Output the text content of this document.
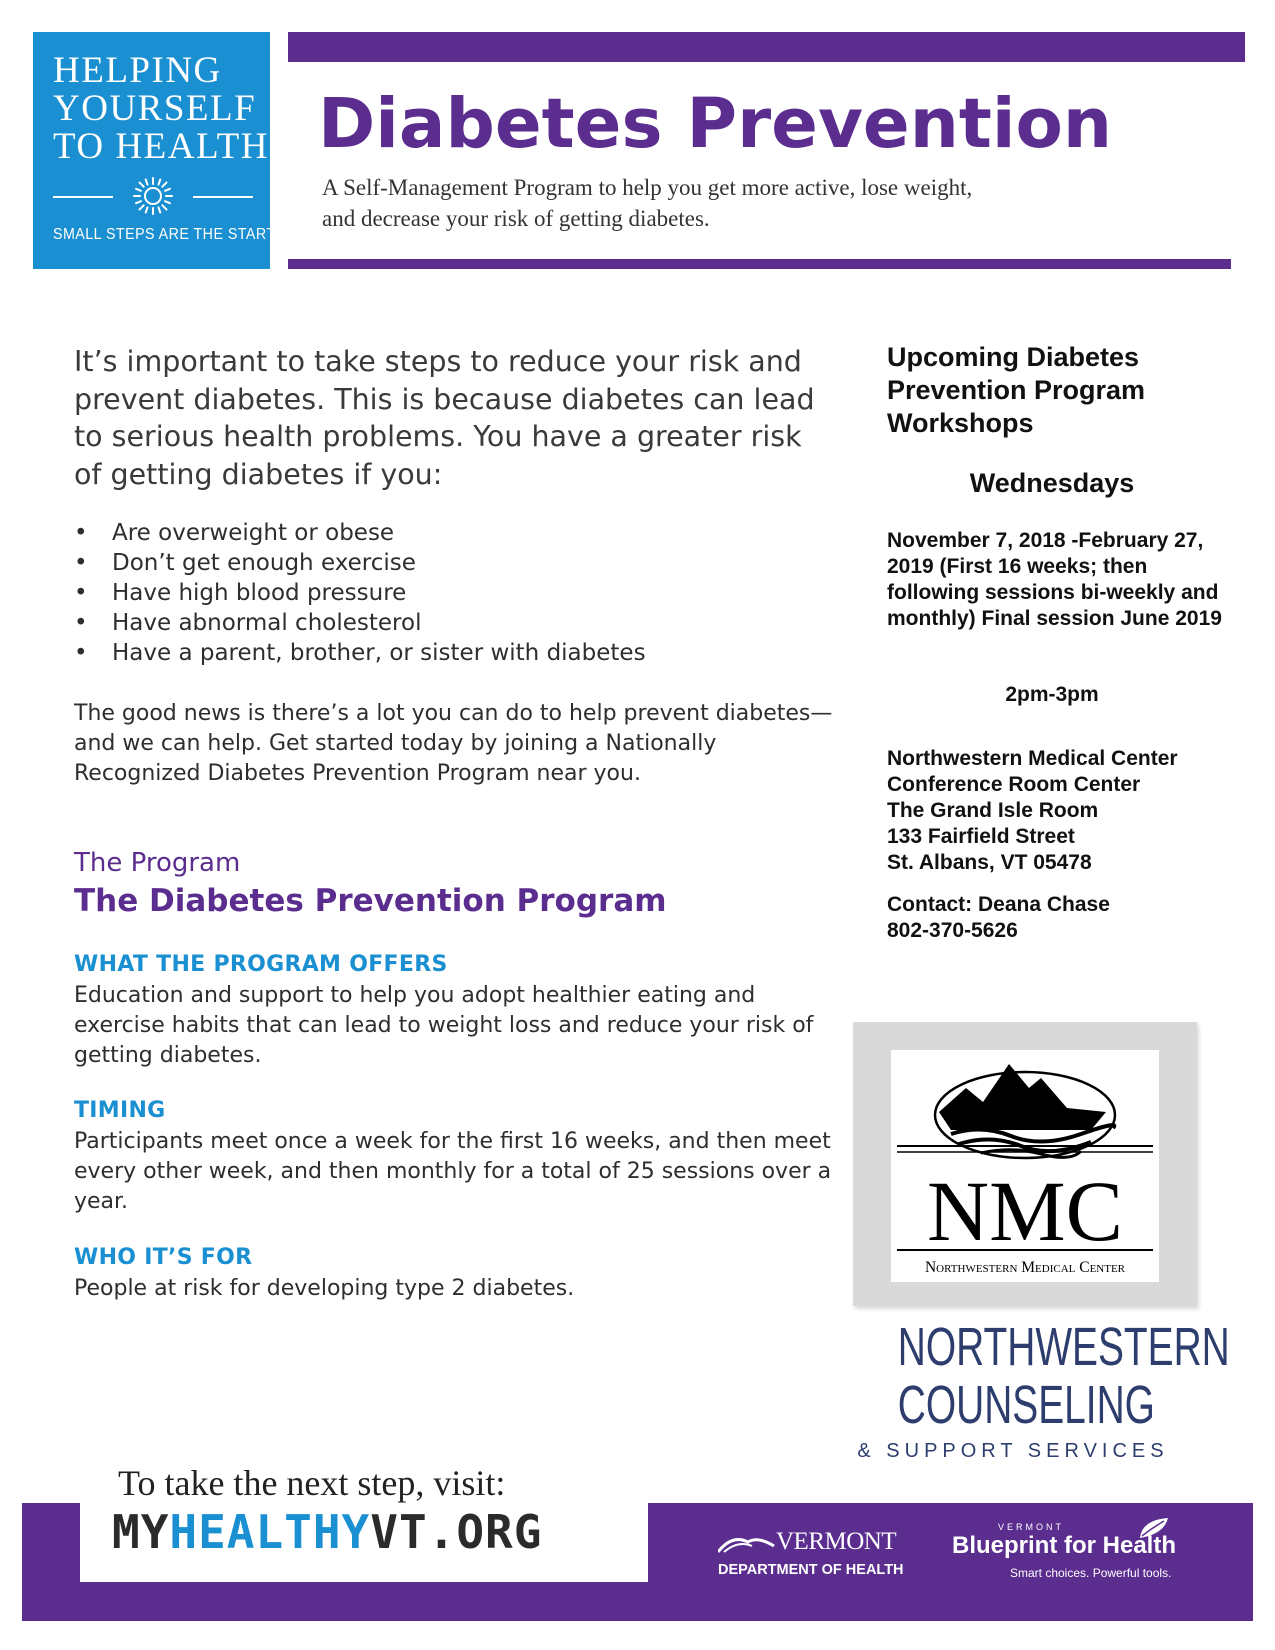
HELPING
YOURSELF
TO HEALTH
SMALL STEPS ARE THE START.
Diabetes Prevention
A Self-Management Program to help you get more active, lose weight,
and decrease your risk of getting diabetes.

It’s important to take steps to reduce your risk and prevent diabetes. This is because diabetes can lead to serious health problems. You have a greater risk of getting diabetes if you:

• Are overweight or obese
• Don’t get enough exercise
• Have high blood pressure
• Have abnormal cholesterol
• Have a parent, brother, or sister with diabetes

The good news is there’s a lot you can do to help prevent diabetes—and we can help. Get started today by joining a Nationally Recognized Diabetes Prevention Program near you.

The Program
The Diabetes Prevention Program
WHAT THE PROGRAM OFFERS

Education and support to help you adopt healthier eating and exercise habits that can lead to weight loss and reduce your risk of getting diabetes.

TIMING

Participants meet once a week for the first 16 weeks, and then meet every other week, and then monthly for a total of 25 sessions over a year.

WHO IT’S FOR

People at risk for developing type 2 diabetes.

Upcoming Diabetes Prevention Program Workshops
Wednesdays
November 7, 2018 -February 27, 2019 (First 16 weeks; then following sessions bi-weekly and monthly) Final session June 2019
2pm-3pm
Northwestern Medical Center
Conference Room Center
The Grand Isle Room
133 Fairfield Street
St. Albans, VT 05478
Contact: Deana Chase
802-370-5626
NMC
Northwestern Medical Center
NORTHWESTERN
COUNSELING
& SUPPORT SERVICES
To take the next step, visit:
MYHEALTHYVT.ORG	VERMONT
DEPARTMENT OF HEALTH
VERMONT
Blueprint for Health
Smart choices. Powerful tools.
